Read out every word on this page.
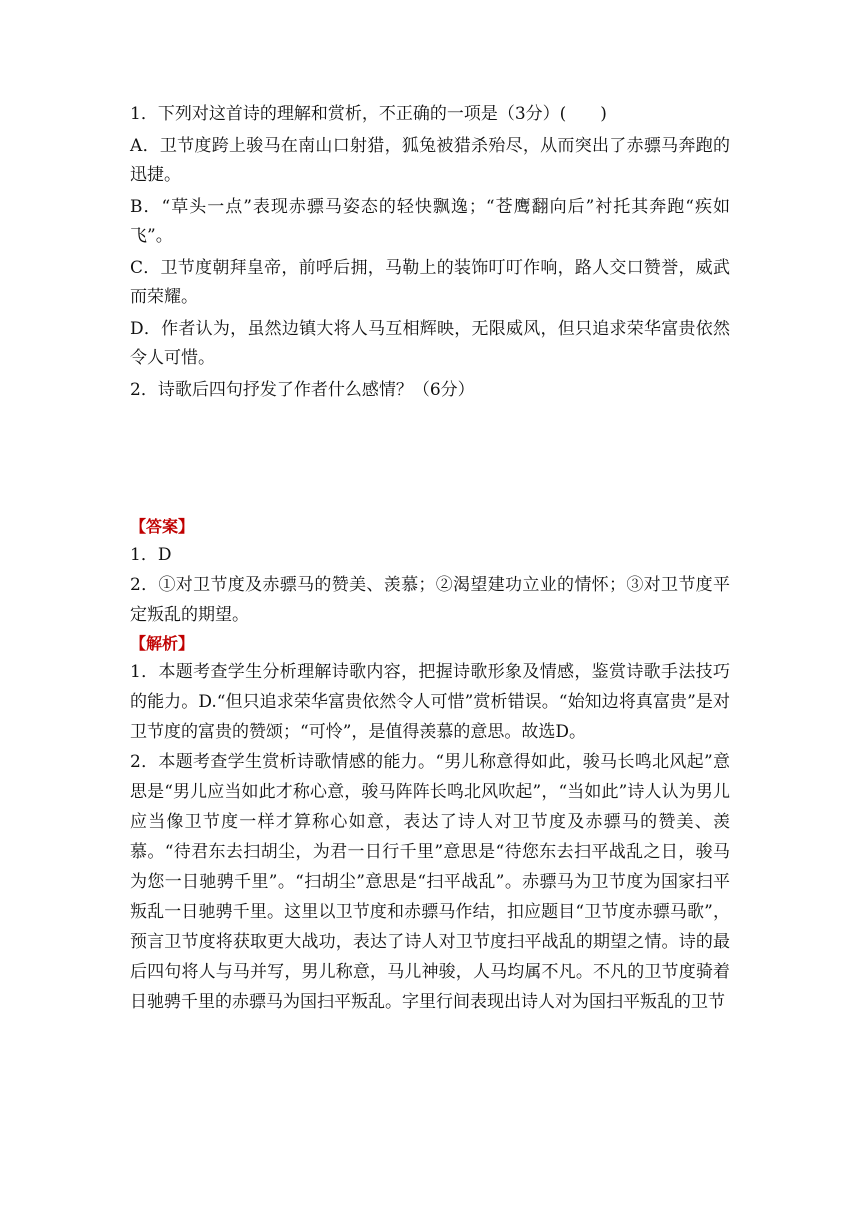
1．下列对这首诗的理解和赏析，不正确的一项是（3分）(　　)

A．卫节度跨上骏马在南山口射猎，狐兔被猎杀殆尽，从而突出了赤骠马奔跑的迅捷。

B．“草头一点”表现赤骠马姿态的轻快飘逸；“苍鹰翻向后”衬托其奔跑“疾如飞”。

C．卫节度朝拜皇帝，前呼后拥，马勒上的装饰叮叮作响，路人交口赞誉，威武而荣耀。

D．作者认为，虽然边镇大将人马互相辉映，无限威风，但只追求荣华富贵依然令人可惜。

2．诗歌后四句抒发了作者什么感情？（6分）

【答案】

1．D

2．①对卫节度及赤骠马的赞美、羡慕；②渴望建功立业的情怀；③对卫节度平定叛乱的期望。

【解析】

1．本题考查学生分析理解诗歌内容，把握诗歌形象及情感，鉴赏诗歌手法技巧的能力。D.“但只追求荣华富贵依然令人可惜”赏析错误。“始知边将真富贵”是对卫节度的富贵的赞颂；“可怜”，是值得羡慕的意思。故选D。

2．本题考查学生赏析诗歌情感的能力。“男儿称意得如此，骏马长鸣北风起”意思是“男儿应当如此才称心意，骏马阵阵长鸣北风吹起”，“当如此”诗人认为男儿应当像卫节度一样才算称心如意，表达了诗人对卫节度及赤骠马的赞美、羡慕。“待君东去扫胡尘，为君一日行千里”意思是“待您东去扫平战乱之日，骏马为您一日驰骋千里”。“扫胡尘”意思是“扫平战乱”。赤骠马为卫节度为国家扫平叛乱一日驰骋千里。这里以卫节度和赤骠马作结，扣应题目“卫节度赤骠马歌”，预言卫节度将获取更大战功，表达了诗人对卫节度扫平战乱的期望之情。诗的最后四句将人与马并写，男儿称意，马儿神骏，人马均属不凡。不凡的卫节度骑着日驰骋千里的赤骠马为国扫平叛乱。字里行间表现出诗人对为国扫平叛乱的卫节
